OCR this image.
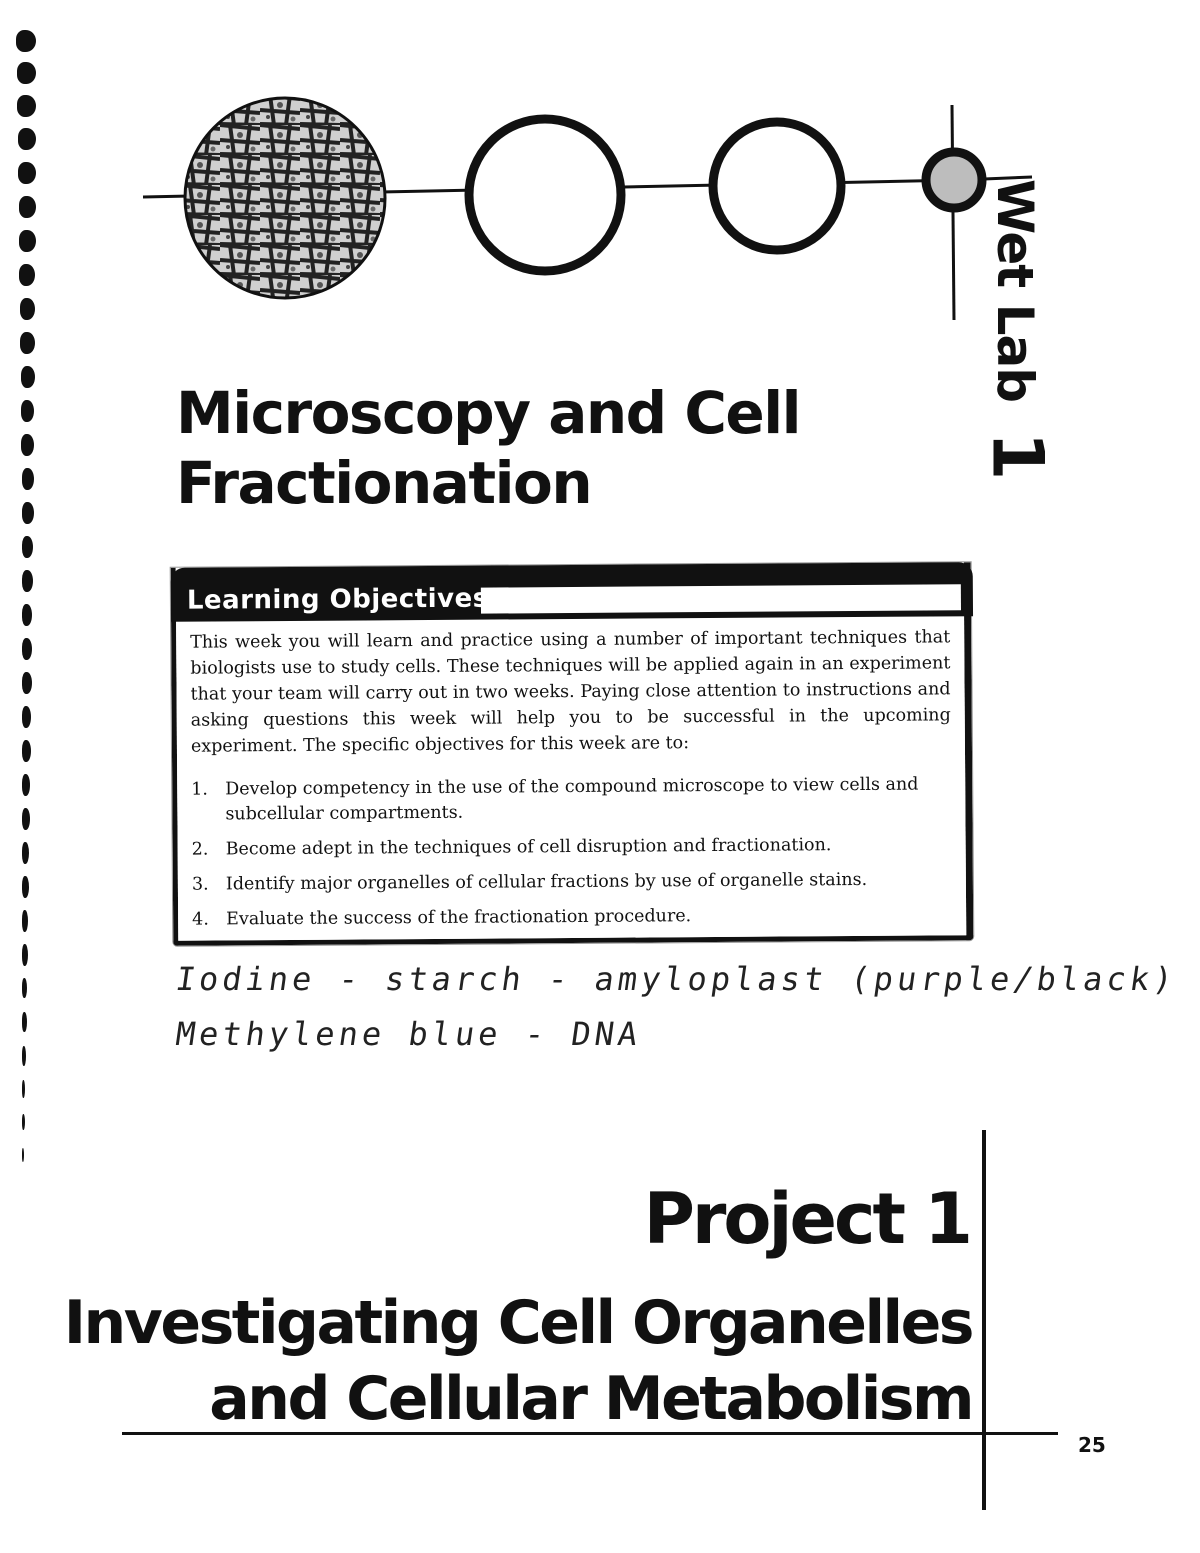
Wet Lab
1
Microscopy and Cell
Fractionation
Learning Objectives
This week you will learn and practice using a number of important techniques that biologists use to study cells. These techniques will be applied again in an experiment that your team will carry out in two weeks. Paying close attention to instructions and asking questions this week will help you to be successful in the upcoming experiment. The specific objectives for this week are to:
1. Develop competency in the use of the compound microscope to view cells and subcellular compartments.
2. Become adept in the techniques of cell disruption and fractionation.
3. Identify major organelles of cellular fractions by use of organelle stains.
4. Evaluate the success of the fractionation procedure.
Iodine - starch - amyloplast (purple/black)
Methylene blue - DNA
Project 1
Investigating Cell Organelles
and Cellular Metabolism
25
